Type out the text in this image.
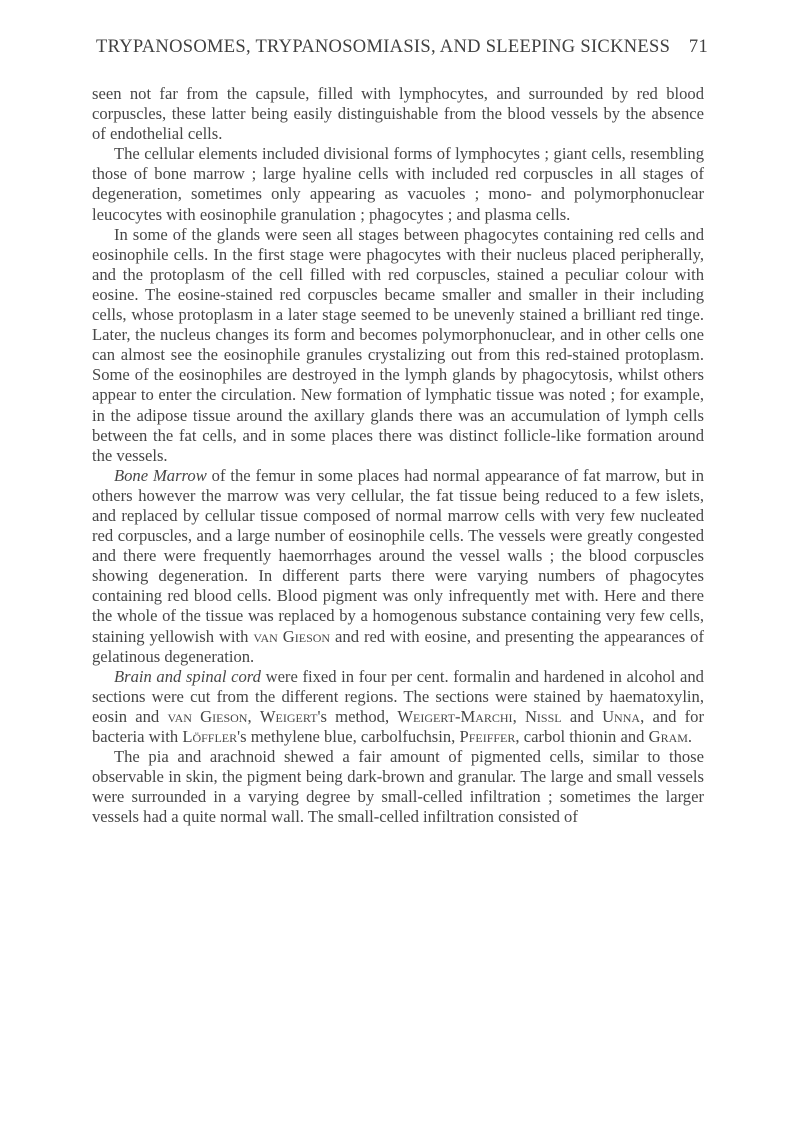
TRYPANOSOMES, TRYPANOSOMIASIS, AND SLEEPING SICKNESS 71

seen not far from the capsule, filled with lymphocytes, and surrounded by red blood corpuscles, these latter being easily distinguishable from the blood vessels by the absence of endothelial cells.

The cellular elements included divisional forms of lymphocytes ; giant cells, resembling those of bone marrow ; large hyaline cells with included red corpuscles in all stages of degeneration, sometimes only appearing as vacuoles ; mono- and polymorphonuclear leucocytes with eosinophile granulation ; phagocytes ; and plasma cells.

In some of the glands were seen all stages between phagocytes containing red cells and eosinophile cells. In the first stage were phagocytes with their nucleus placed peripherally, and the protoplasm of the cell filled with red corpuscles, stained a peculiar colour with eosine. The eosine-stained red corpuscles became smaller and smaller in their including cells, whose protoplasm in a later stage seemed to be unevenly stained a brilliant red tinge. Later, the nucleus changes its form and becomes polymorphonuclear, and in other cells one can almost see the eosinophile granules crystalizing out from this red-stained protoplasm. Some of the eosinophiles are destroyed in the lymph glands by phagocytosis, whilst others appear to enter the circulation. New formation of lymphatic tissue was noted ; for example, in the adipose tissue around the axillary glands there was an accumulation of lymph cells between the fat cells, and in some places there was distinct follicle-like formation around the vessels.

Bone Marrow of the femur in some places had normal appearance of fat marrow, but in others however the marrow was very cellular, the fat tissue being reduced to a few islets, and replaced by cellular tissue composed of normal marrow cells with very few nucleated red corpuscles, and a large number of eosinophile cells. The vessels were greatly congested and there were frequently haemorrhages around the vessel walls ; the blood corpuscles showing degeneration. In different parts there were varying numbers of phagocytes containing red blood cells. Blood pigment was only infrequently met with. Here and there the whole of the tissue was replaced by a homogenous substance containing very few cells, staining yellowish with van Gieson and red with eosine, and presenting the appearances of gelatinous degeneration.

Brain and spinal cord were fixed in four per cent. formalin and hardened in alcohol and sections were cut from the different regions. The sections were stained by haematoxylin, eosin and van Gieson, Weigert's method, Weigert-Marchi, Nissl and Unna, and for bacteria with Löffler's methylene blue, carbolfuchsin, Pfeiffer, carbol thionin and Gram.

The pia and arachnoid shewed a fair amount of pigmented cells, similar to those observable in skin, the pigment being dark-brown and granular. The large and small vessels were surrounded in a varying degree by small-celled infiltration ; sometimes the larger vessels had a quite normal wall. The small-celled infiltration consisted of
